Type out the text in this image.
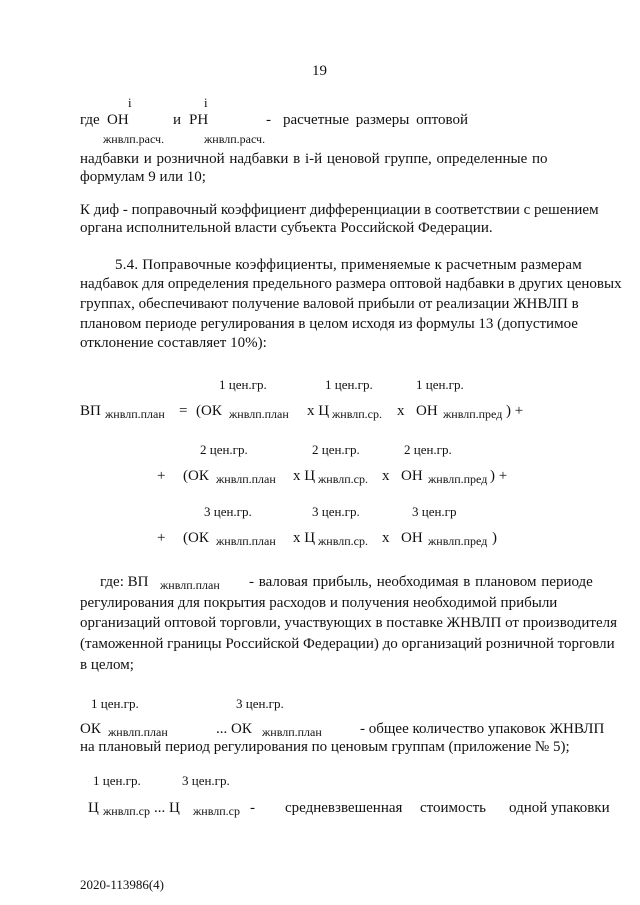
19
i	i
где ОН	и РН	- расчетные размеры оптовой
жнвлп.расч.	жнвлп.расч.
надбавки и розничной надбавки в i-й ценовой группе, определенные по
формулам 9 или 10;
К диф - поправочный коэффициент дифференциации в соответствии с решением
органа исполнительной власти субъекта Российской Федерации.
5.4. Поправочные коэффициенты, применяемые к расчетным размерам
надбавок для определения предельного размера оптовой надбавки в других ценовых
группах, обеспечивают получение валовой прибыли от реализации ЖНВЛП в
плановом периоде регулирования в целом исходя из формулы 13 (допустимое
отклонение составляет 10%):
1 цен.гр.	1 цен.гр.	1 цен.гр.
ВП жнвлп.план = (ОК жнвлп.план х Ц жнвлп.ср. х ОН жнвлп.пред ) +
2 цен.гр.	2 цен.гр.	2 цен.гр.
+ (ОК жнвлп.план х Ц жнвлп.ср. х ОН жнвлп.пред ) +
3 цен.гр.	3 цен.гр.	3 цен.гр
+ (ОК жнвлп.план х Ц жнвлп.ср. х ОН жнвлп.пред )
где: ВП жнвлп.план - валовая прибыль, необходимая в плановом периоде
регулирования для покрытия расходов и получения необходимой прибыли
организаций оптовой торговли, участвующих в поставке ЖНВЛП от производителя
(таможенной границы Российской Федерации) до организаций розничной торговли
в целом;
1 цен.гр.	3 цен.гр.
ОК жнвлп.план	... ОК жнвлп.план	- общее количество упаковок ЖНВЛП
на плановый период регулирования по ценовым группам (приложение № 5);
1 цен.гр.	3 цен.гр.
Ц жнвлп.ср ... Ц жнвлп.ср - средневзвешенная стоимость одной упаковки
2020-113986(4)
